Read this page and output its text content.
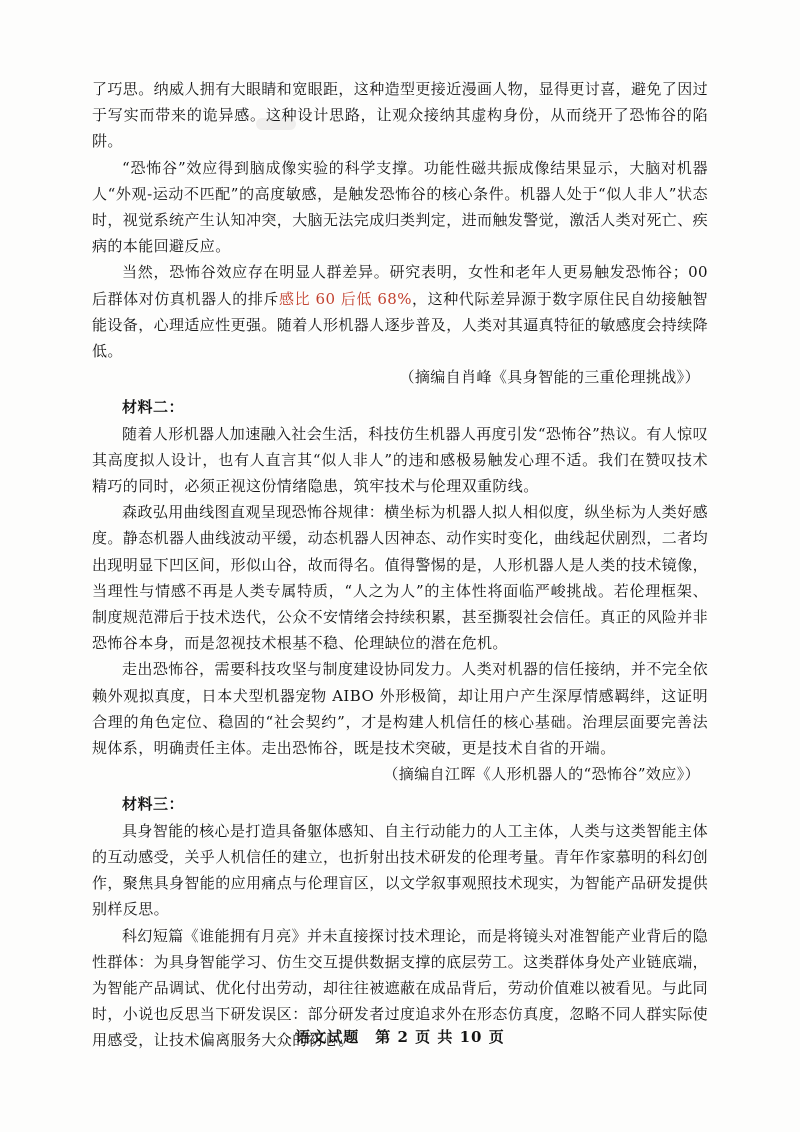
了巧思。纳威人拥有大眼睛和宽眼距，这种造型更接近漫画人物，显得更讨喜，避免了因过于写实而带来的诡异感。这种设计思路，让观众接纳其虚构身份，从而绕开了恐怖谷的陷阱。

“恐怖谷”效应得到脑成像实验的科学支撑。功能性磁共振成像结果显示，大脑对机器人“外观-运动不匹配”的高度敏感，是触发恐怖谷的核心条件。机器人处于“似人非人”状态时，视觉系统产生认知冲突，大脑无法完成归类判定，进而触发警觉，激活人类对死亡、疾病的本能回避反应。

当然，恐怖谷效应存在明显人群差异。研究表明，女性和老年人更易触发恐怖谷；00后群体对仿真机器人的排斥感比 60 后低 68%，这种代际差异源于数字原住民自幼接触智能设备，心理适应性更强。随着人形机器人逐步普及，人类对其逼真特征的敏感度会持续降低。

（摘编自肖峰《具身智能的三重伦理挑战》）

材料二：

随着人形机器人加速融入社会生活，科技仿生机器人再度引发“恐怖谷”热议。有人惊叹其高度拟人设计，也有人直言其“似人非人”的违和感极易触发心理不适。我们在赞叹技术精巧的同时，必须正视这份情绪隐患，筑牢技术与伦理双重防线。

森政弘用曲线图直观呈现恐怖谷规律：横坐标为机器人拟人相似度，纵坐标为人类好感度。静态机器人曲线波动平缓，动态机器人因神态、动作实时变化，曲线起伏剧烈，二者均出现明显下凹区间，形似山谷，故而得名。值得警惕的是，人形机器人是人类的技术镜像，当理性与情感不再是人类专属特质，“人之为人”的主体性将面临严峻挑战。若伦理框架、制度规范滞后于技术迭代，公众不安情绪会持续积累，甚至撕裂社会信任。真正的风险并非恐怖谷本身，而是忽视技术根基不稳、伦理缺位的潜在危机。

走出恐怖谷，需要科技攻坚与制度建设协同发力。人类对机器的信任接纳，并不完全依赖外观拟真度，日本犬型机器宠物 AIBO 外形极简，却让用户产生深厚情感羁绊，这证明合理的角色定位、稳固的“社会契约”，才是构建人机信任的核心基础。治理层面要完善法规体系，明确责任主体。走出恐怖谷，既是技术突破，更是技术自省的开端。

（摘编自江晖《人形机器人的“恐怖谷”效应》）

材料三：

具身智能的核心是打造具备躯体感知、自主行动能力的人工主体，人类与这类智能主体的互动感受，关乎人机信任的建立，也折射出技术研发的伦理考量。青年作家慕明的科幻创作，聚焦具身智能的应用痛点与伦理盲区，以文学叙事观照技术现实，为智能产品研发提供别样反思。

科幻短篇《谁能拥有月亮》并未直接探讨技术理论，而是将镜头对准智能产业背后的隐性群体：为具身智能学习、仿生交互提供数据支撑的底层劳工。这类群体身处产业链底端，为智能产品调试、优化付出劳动，却往往被遮蔽在成品背后，劳动价值难以被看见。与此同时，小说也反思当下研发误区：部分研发者过度追求外在形态仿真度，忽略不同人群实际使用感受，让技术偏离服务大众的初心。

语文试题　第 2 页 共 10 页
